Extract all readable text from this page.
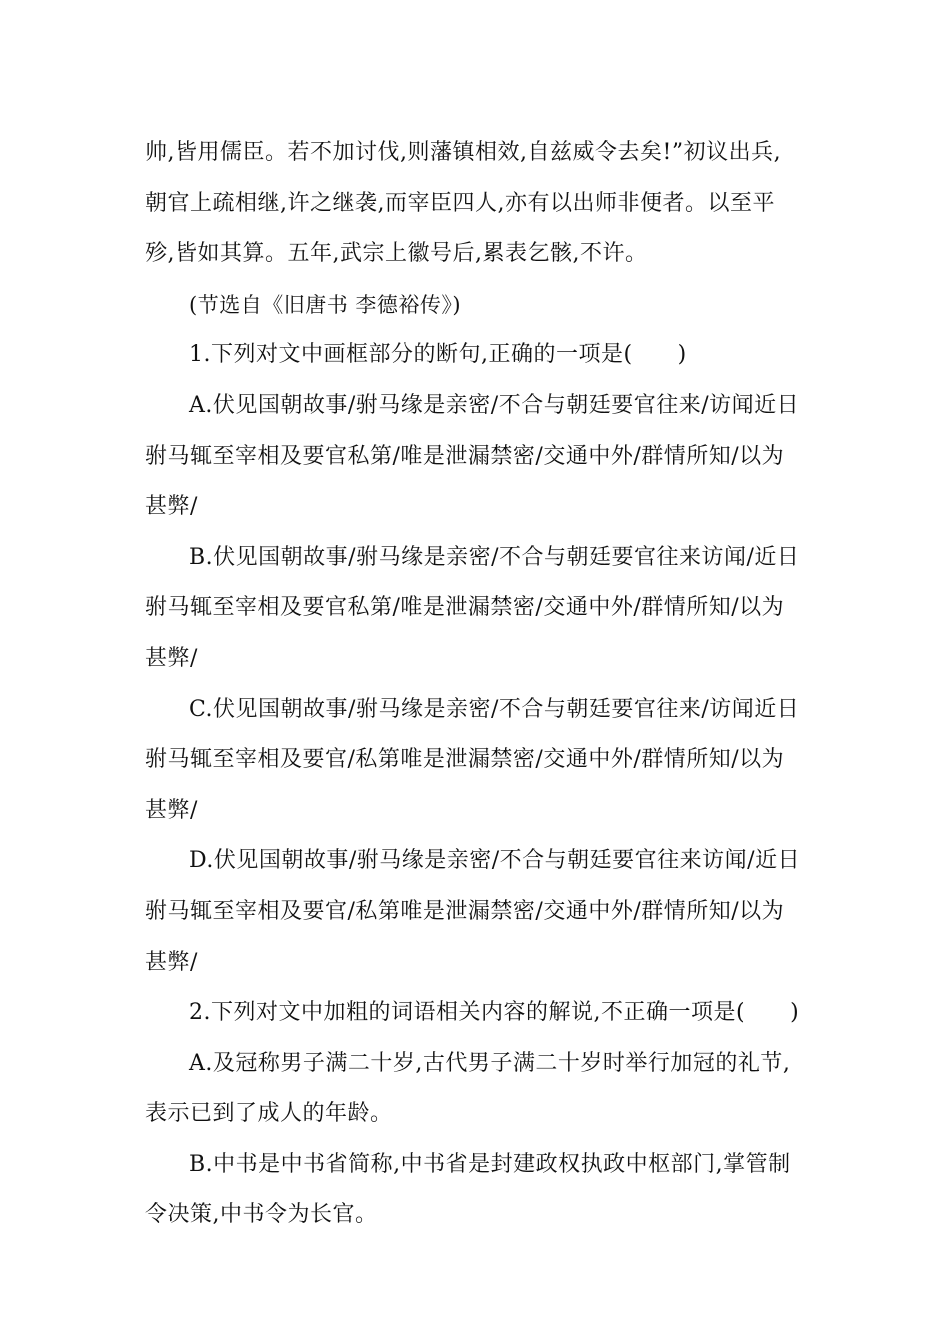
帅,皆用儒臣。若不加讨伐,则藩镇相效,自兹威令去矣!”初议出兵,
朝官上疏相继,许之继袭,而宰臣四人,亦有以出师非便者。以至平
殄,皆如其算。五年,武宗上徽号后,累表乞骸,不许。
(节选自《旧唐书 李德裕传》)
1.下列对文中画框部分的断句,正确的一项是(　　)
A.伏见国朝故事/驸马缘是亲密/不合与朝廷要官往来/访闻近日
驸马辄至宰相及要官私第/唯是泄漏禁密/交通中外/群情所知/以为
甚弊/
B.伏见国朝故事/驸马缘是亲密/不合与朝廷要官往来访闻/近日
驸马辄至宰相及要官私第/唯是泄漏禁密/交通中外/群情所知/以为
甚弊/
C.伏见国朝故事/驸马缘是亲密/不合与朝廷要官往来/访闻近日
驸马辄至宰相及要官/私第唯是泄漏禁密/交通中外/群情所知/以为
甚弊/
D.伏见国朝故事/驸马缘是亲密/不合与朝廷要官往来访闻/近日
驸马辄至宰相及要官/私第唯是泄漏禁密/交通中外/群情所知/以为
甚弊/
2.下列对文中加粗的词语相关内容的解说,不正确一项是(　　)
A.及冠称男子满二十岁,古代男子满二十岁时举行加冠的礼节,
表示已到了成人的年龄。
B.中书是中书省简称,中书省是封建政权执政中枢部门,掌管制
令决策,中书令为长官。
